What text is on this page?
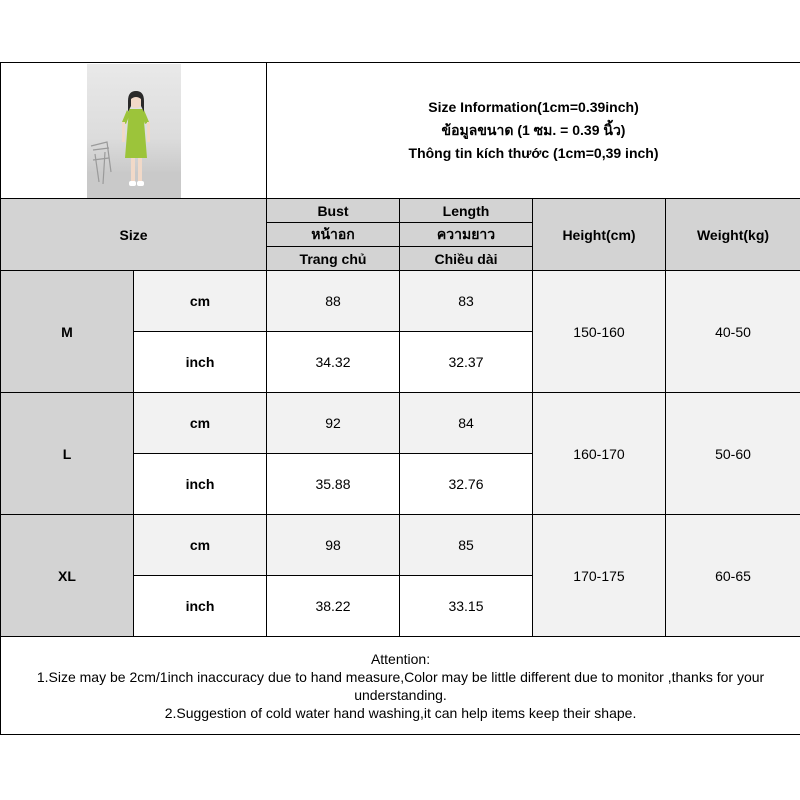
Size Information(1cm=0.39inch)
ข้อมูลขนาด (1 ซม. = 0.39 นิ้ว)
Thông tin kích thước (1cm=0,39 inch)			

Size		Bust	Length	Height(cm)	Weight(kg)
		หน้าอก	ความยาว		
		Trang chủ	Chiều dài		
M	cm	88	83	150-160	40-50
	inch	34.32	32.37		
L	cm	92	84	160-170	50-60
	inch	35.88	32.76		
XL	cm	98	85	170-175	60-65
	inch	38.22	33.15		

Attention:
1.Size may be 2cm/1inch inaccuracy due to hand measure,Color may be little different due to monitor ,thanks for your understanding.
2.Suggestion of cold water hand washing,it can help items keep their shape.					
